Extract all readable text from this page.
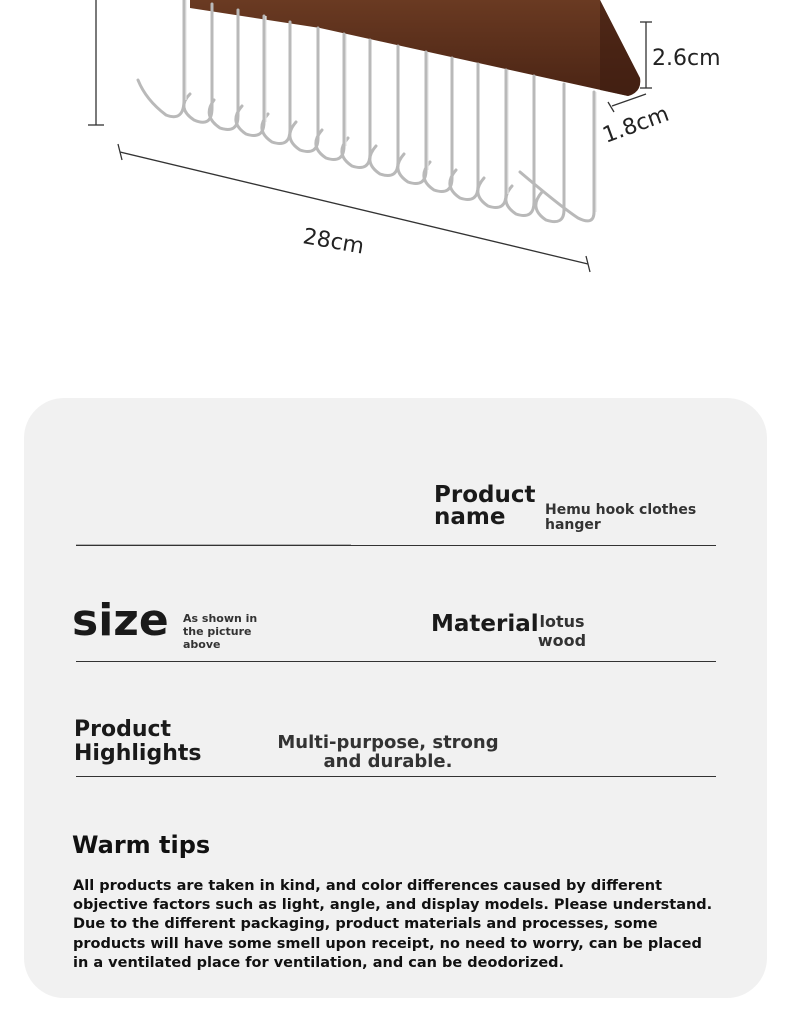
2.6cm
1.8cm
28cm

Product name	Hemu hook clothes hanger

size As shown in the picture above

Material lotus wood

Product Highlights	Multi-purpose, strong and durable.

Warm tips

All products are taken in kind, and color differences caused by different objective factors such as light, angle, and display models. Please understand. Due to the different packaging, product materials and processes, some products will have some smell upon receipt, no need to worry, can be placed in a ventilated place for ventilation, and can be deodorized.
